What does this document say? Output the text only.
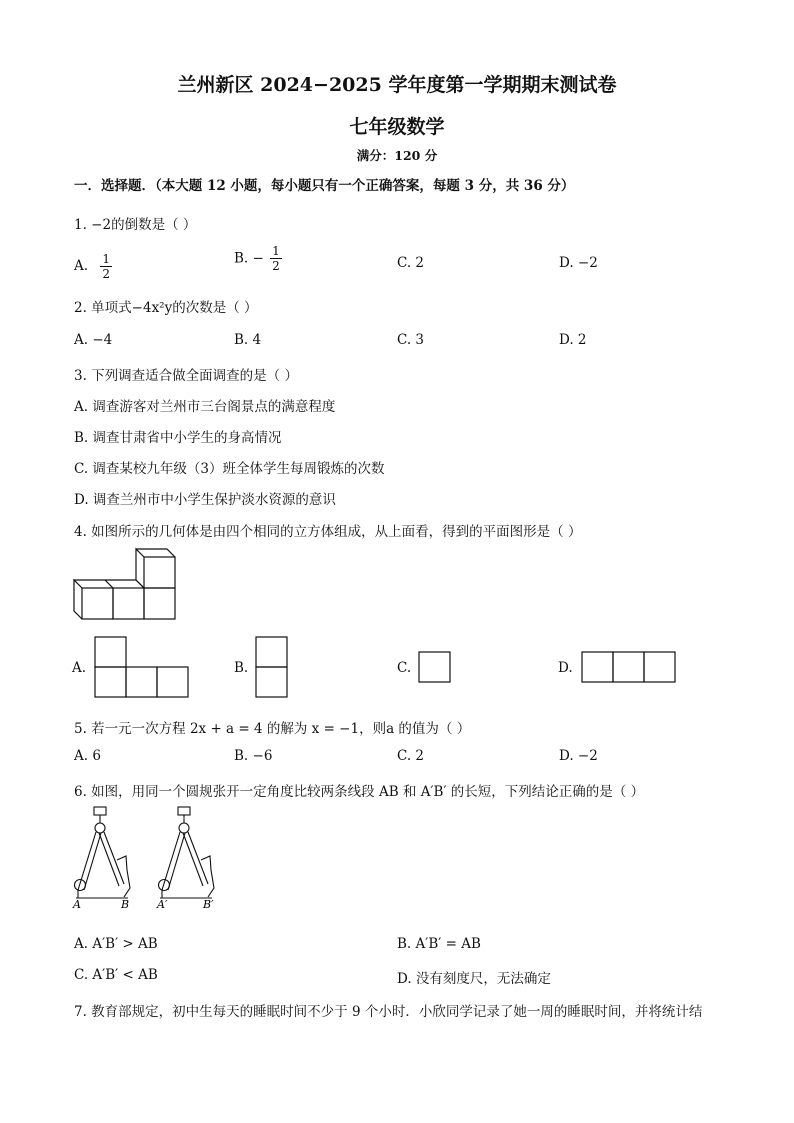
兰州新区 2024−2025 学年度第一学期期末测试卷
七年级数学
满分：120 分
一．选择题．（本大题 12 小题，每小题只有一个正确答案，每题 3 分，共 36 分）
1. −2的倒数是（ ）
A. $\frac{1}{2}$	B. − $\frac{1}{2}$	C. 2	D. −2
2. 单项式−4x²y的次数是（ ）
A. −4	B. 4	C. 3	D. 2
3. 下列调查适合做全面调查的是（ ）
A. 调查游客对兰州市三台阁景点的满意程度
B. 调查甘肃省中小学生的身高情况
C. 调查某校九年级（3）班全体学生每周锻炼的次数
D. 调查兰州市中小学生保护淡水资源的意识
4. 如图所示的几何体是由四个相同的立方体组成，从上面看，得到的平面图形是（ ）
A.	B.	C.	D.
5. 若一元一次方程 2x + a = 4 的解为 x = −1，则a 的值为（ ）
A. 6	B. −6	C. 2	D. −2
6. 如图，用同一个圆规张开一定角度比较两条线段 AB 和 A′B′ 的长短，下列结论正确的是（ ）
A	B	A′	B′
A. A′B′ > AB	B. A′B′ = AB
C. A′B′ < AB	D. 没有刻度尺，无法确定
7. 教育部规定，初中生每天的睡眠时间不少于 9 个小时．小欣同学记录了她一周的睡眠时间，并将统计结
